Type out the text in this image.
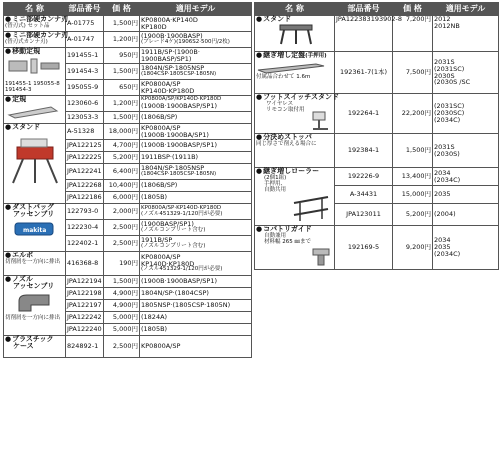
名 称	部品番号	価 格	適用モデル
●ミニ部硬カンナ刃
(替刃式) セット品	A-01775	1,500円	KP0800A·KP140D
KP180D

●ミニ部硬カンナ刃
(替刃式カンナ刃)	A-01747	1,200円	(1900B·1900BASP)
(ブレード4ケ)(1906S2·500円/2枚)

●移動定規
191455-1 195055-8
191454-3	191455-1	950円	1911B/SP·(1900B·
1900BASP/SP1)

	191454-3	1,500円	1804N/SP·1805NSP
(1804CSP·1805CSP·1805N)

	195055-9	650円	KP0800A/SP
KP140D·KP180D

●定規	123060-6	1,200円	KP0800A/SP/KP140D·KP180D
(1900B·1900BASP/SP1)

	123053-3	1,500円	(1806B/SP)

●スタンド	A-51328	18,000円	KP0800A/SP
(1900B·1900BA/SP1)

	JPA122125	4,700円	(1900B·1900BASP/SP1)
	JPA122225	5,200円	1911BSP·(1911B)
	JPA122241	6,400円	1804N/SP·1805NSP
(1804CSP·1805CSP·1805N)

	JPA122268	10,400円	(1806B/SP)
	JPA122186	6,000円	(1805B)
●ダストバッグ
アッセンブリ
makita	122793-0	2,000円	KP0800A/SP·KP140D·KP180D
(ノズル451329-1/120円が必要)

	122230-4	2,500円	(1900BASP/SP1)
(ノズルコンプリート含む)

	122402-1	2,500円	1911B/SP
(ノズルコンプリート含む)

●エルボ
切削屑を一方向に排出	416368-8	190円	KP0800A/SP
KP140D·KP180D
(ノズル451329-1/120円が必要)

●ノズル
アッセンブリ
切削屑を一方向に排出	JPA122194	1,500円	(1900B·1900BASP/SP1)
	JPA122198	4,900円	1804N/SP·(1804CSP)
	JPA122197	4,900円	1805NSP·(1805CSP·1805N)
	JPA122242	5,000円	(1824A)
	JPA122240	5,000円	(1805B)
●プラスチック
ケース	824892-1	2,500円	KP0800A/SP
名 称	部品番号	価 格	適用モデル
●スタンド	JPA122383193902-8	7,200円	2012
2012NB

●継ぎ増し定盤(手押用)
付属品合わせて 1.6m	192361-7(1本)	7,500円	2031S
(2031SC)
2030S
(2030S /SC

●フットスイッチスタンド
ワイヤレス
リモコン取付用	192264-1	22,200円	(2031SC)
(2030SC)
(2034C)

●分決めストッパ
同じ厚さで削える場合に	192384-1	1,500円	2031S
(2030S)

●継ぎ増しローラー
(2個1組)
手押用、
自動共用	192226-9	13,400円	2034
(2034C)

	A-34431	15,000円	2035
	JPA123011	5,200円	(2004)
●コバトリガイド
自動兼用
材料幅 265 ㎜まで	192169-5	9,200円	2034
2035
(2034C)
